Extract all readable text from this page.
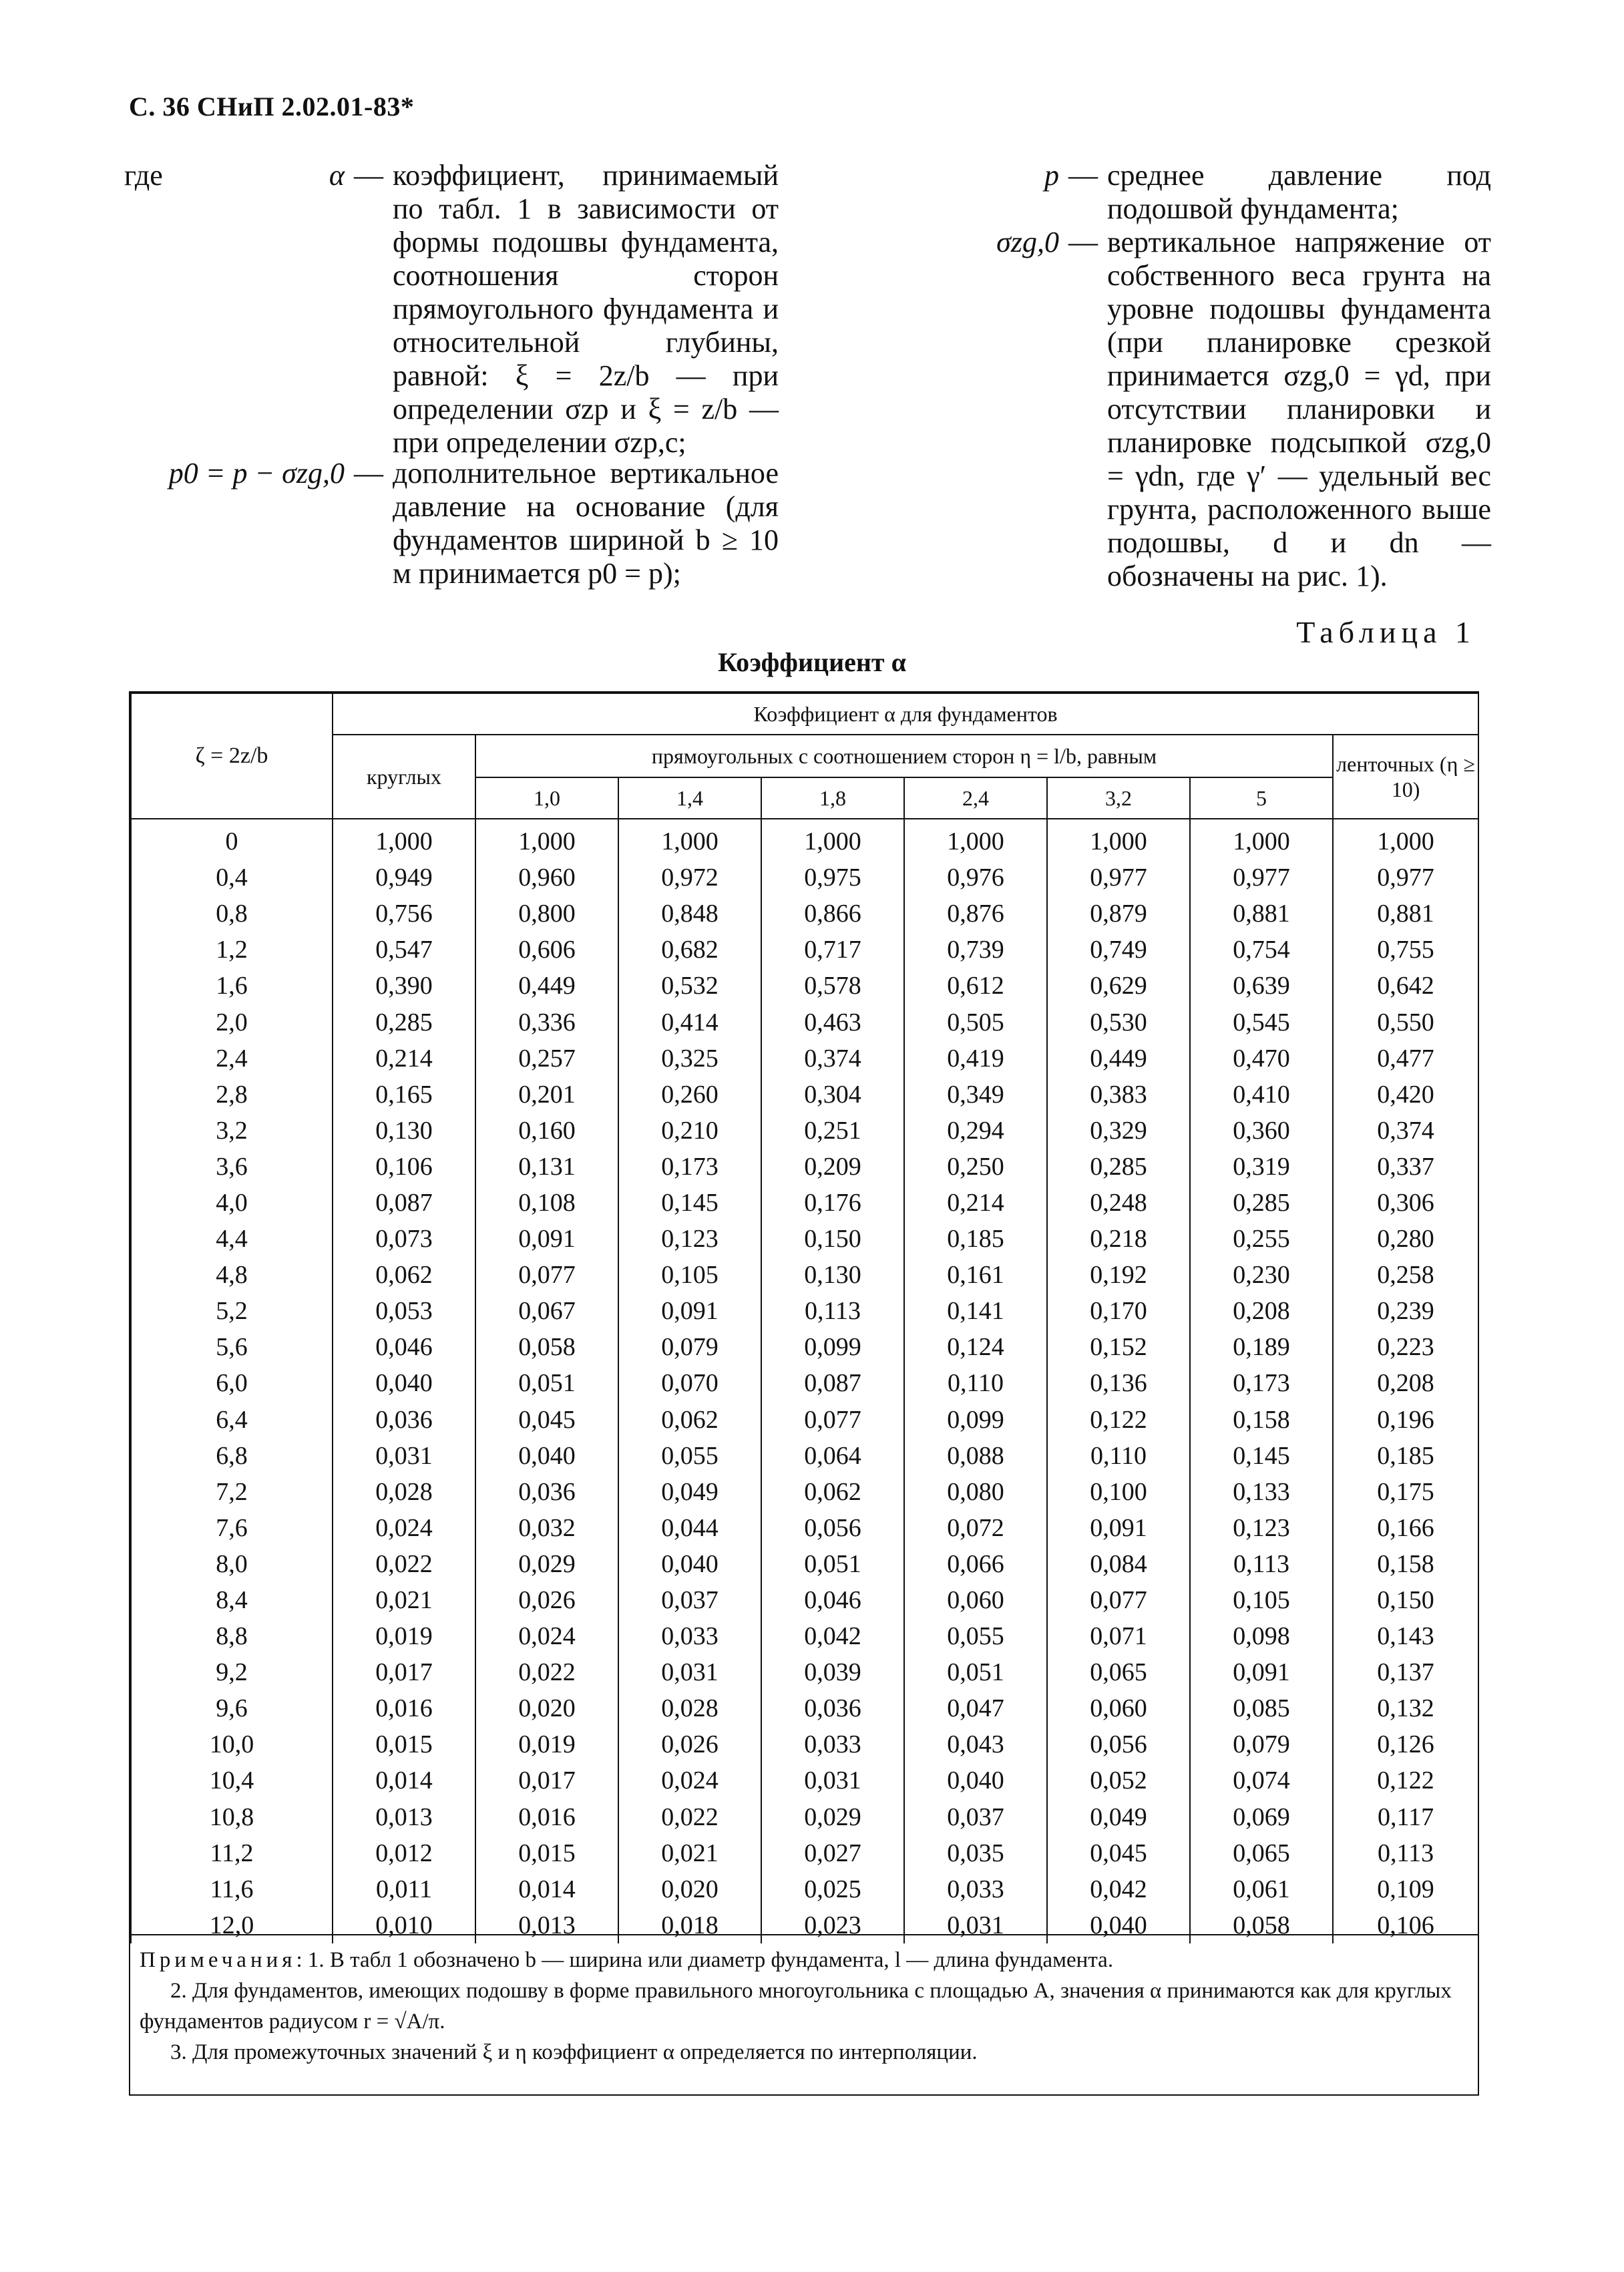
С. 36 СНиП 2.02.01-83*
где	α — коэффициент, принимаемый по табл. 1 в зависимости от формы подошвы фундамента, соотношения сторон прямоугольного фундамента и относительной глубины, равной: ξ = 2z/b — при определении σzp и ξ = z/b — при определении σzp,c;
p0 = p − σzg,0 — дополнительное вертикальное давление на основание (для фундаментов шириной b ≥ 10 м принимается p0 = p);
p — среднее давление под подошвой фундамента;
σzg,0 — вертикальное напряжение от собственного веса грунта на уровне подошвы фундамента (при планировке срезкой принимается σzg,0 = γd, при отсутствии планировки и планировке подсыпкой σzg,0 = γdn, где γ′ — удельный вес грунта, расположенного выше подошвы, d и dn — обозначены на рис. 1).
Таблица 1
Коэффициент α
ζ = 2z/b	Коэффициент α для фундаментов							
	круглых	прямоугольных с соотношением сторон η = l/b, равным						ленточных (η ≥ 10)
		1,0	1,4	1,8	2,4	3,2	5	
0	1,000	1,000	1,000	1,000	1,000	1,000	1,000	1,000
0,4	0,949	0,960	0,972	0,975	0,976	0,977	0,977	0,977
0,8	0,756	0,800	0,848	0,866	0,876	0,879	0,881	0,881
1,2	0,547	0,606	0,682	0,717	0,739	0,749	0,754	0,755
1,6	0,390	0,449	0,532	0,578	0,612	0,629	0,639	0,642
2,0	0,285	0,336	0,414	0,463	0,505	0,530	0,545	0,550
2,4	0,214	0,257	0,325	0,374	0,419	0,449	0,470	0,477
2,8	0,165	0,201	0,260	0,304	0,349	0,383	0,410	0,420
3,2	0,130	0,160	0,210	0,251	0,294	0,329	0,360	0,374
3,6	0,106	0,131	0,173	0,209	0,250	0,285	0,319	0,337
4,0	0,087	0,108	0,145	0,176	0,214	0,248	0,285	0,306
4,4	0,073	0,091	0,123	0,150	0,185	0,218	0,255	0,280
4,8	0,062	0,077	0,105	0,130	0,161	0,192	0,230	0,258
5,2	0,053	0,067	0,091	0,113	0,141	0,170	0,208	0,239
5,6	0,046	0,058	0,079	0,099	0,124	0,152	0,189	0,223
6,0	0,040	0,051	0,070	0,087	0,110	0,136	0,173	0,208
6,4	0,036	0,045	0,062	0,077	0,099	0,122	0,158	0,196
6,8	0,031	0,040	0,055	0,064	0,088	0,110	0,145	0,185
7,2	0,028	0,036	0,049	0,062	0,080	0,100	0,133	0,175
7,6	0,024	0,032	0,044	0,056	0,072	0,091	0,123	0,166
8,0	0,022	0,029	0,040	0,051	0,066	0,084	0,113	0,158
8,4	0,021	0,026	0,037	0,046	0,060	0,077	0,105	0,150
8,8	0,019	0,024	0,033	0,042	0,055	0,071	0,098	0,143
9,2	0,017	0,022	0,031	0,039	0,051	0,065	0,091	0,137
9,6	0,016	0,020	0,028	0,036	0,047	0,060	0,085	0,132
10,0	0,015	0,019	0,026	0,033	0,043	0,056	0,079	0,126
10,4	0,014	0,017	0,024	0,031	0,040	0,052	0,074	0,122
10,8	0,013	0,016	0,022	0,029	0,037	0,049	0,069	0,117
11,2	0,012	0,015	0,021	0,027	0,035	0,045	0,065	0,113
11,6	0,011	0,014	0,020	0,025	0,033	0,042	0,061	0,109
12,0	0,010	0,013	0,018	0,023	0,031	0,040	0,058	0,106

Примечания: 1. В табл 1 обозначено b — ширина или диаметр фундамента, l — длина фундамента.

2. Для фундаментов, имеющих подошву в форме правильного многоугольника с площадью A, значения α принимаются как для круглых фундаментов радиусом r = √A/π.

3. Для промежуточных значений ξ и η коэффициент α определяется по интерполяции.
